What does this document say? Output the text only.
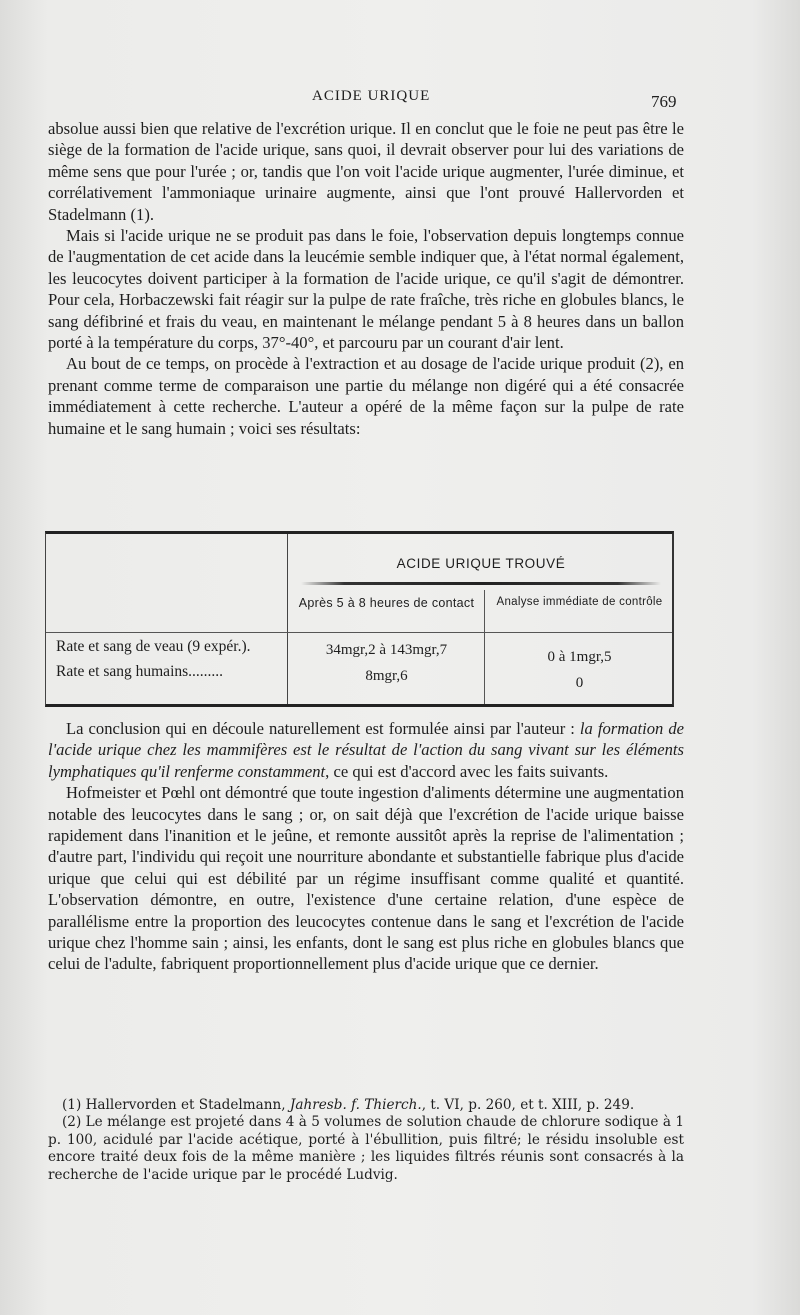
ACIDE URIQUE	769

absolue aussi bien que relative de l'excrétion urique. Il en conclut que le foie ne peut pas être le siège de la formation de l'acide urique, sans quoi, il devrait observer pour lui des variations de même sens que pour l'urée ; or, tandis que l'on voit l'acide urique augmenter, l'urée diminue, et corrélativement l'ammoniaque urinaire augmente, ainsi que l'ont prouvé Hallervorden et Stadelmann (1).

Mais si l'acide urique ne se produit pas dans le foie, l'observation depuis longtemps connue de l'augmentation de cet acide dans la leucémie semble indiquer que, à l'état normal également, les leucocytes doivent participer à la formation de l'acide urique, ce qu'il s'agit de démontrer. Pour cela, Horbaczewski fait réagir sur la pulpe de rate fraîche, très riche en globules blancs, le sang défibriné et frais du veau, en maintenant le mélange pendant 5 à 8 heures dans un ballon porté à la température du corps, 37°-40°, et parcouru par un courant d'air lent.

Au bout de ce temps, on procède à l'extraction et au dosage de l'acide urique produit (2), en prenant comme terme de comparaison une partie du mélange non digéré qui a été consacrée immédiatement à cette recherche. L'auteur a opéré de la même façon sur la pulpe de rate humaine et le sang humain ; voici ses résultats:

ACIDE URIQUE TROUVÉ
Après 5 à 8 heures de contact	Analyse immédiate de contrôle
Rate et sang de veau (9 expér.).
Rate et sang humains.........
34mgr,2 à 143mgr,7
8mgr,6
0 à 1mgr,5
0

La conclusion qui en découle naturellement est formulée ainsi par l'auteur : la formation de l'acide urique chez les mammifères est le résultat de l'action du sang vivant sur les éléments lymphatiques qu'il renferme constamment, ce qui est d'accord avec les faits suivants.

Hofmeister et Pœhl ont démontré que toute ingestion d'aliments détermine une augmentation notable des leucocytes dans le sang ; or, on sait déjà que l'excrétion de l'acide urique baisse rapidement dans l'inanition et le jeûne, et remonte aussitôt après la reprise de l'alimentation ; d'autre part, l'individu qui reçoit une nourriture abondante et substantielle fabrique plus d'acide urique que celui qui est débilité par un régime insuffisant comme qualité et quantité. L'observation démontre, en outre, l'existence d'une certaine relation, d'une espèce de parallélisme entre la proportion des leucocytes contenue dans le sang et l'excrétion de l'acide urique chez l'homme sain ; ainsi, les enfants, dont le sang est plus riche en globules blancs que celui de l'adulte, fabriquent proportionnellement plus d'acide urique que ce dernier.

(1) Hallervorden et Stadelmann, Jahresb. f. Thierch., t. VI, p. 260, et t. XIII, p. 249.

(2) Le mélange est projeté dans 4 à 5 volumes de solution chaude de chlorure sodique à 1 p. 100, acidulé par l'acide acétique, porté à l'ébullition, puis filtré; le résidu insoluble est encore traité deux fois de la même manière ; les liquides filtrés réunis sont consacrés à la recherche de l'acide urique par le procédé Ludvig.
